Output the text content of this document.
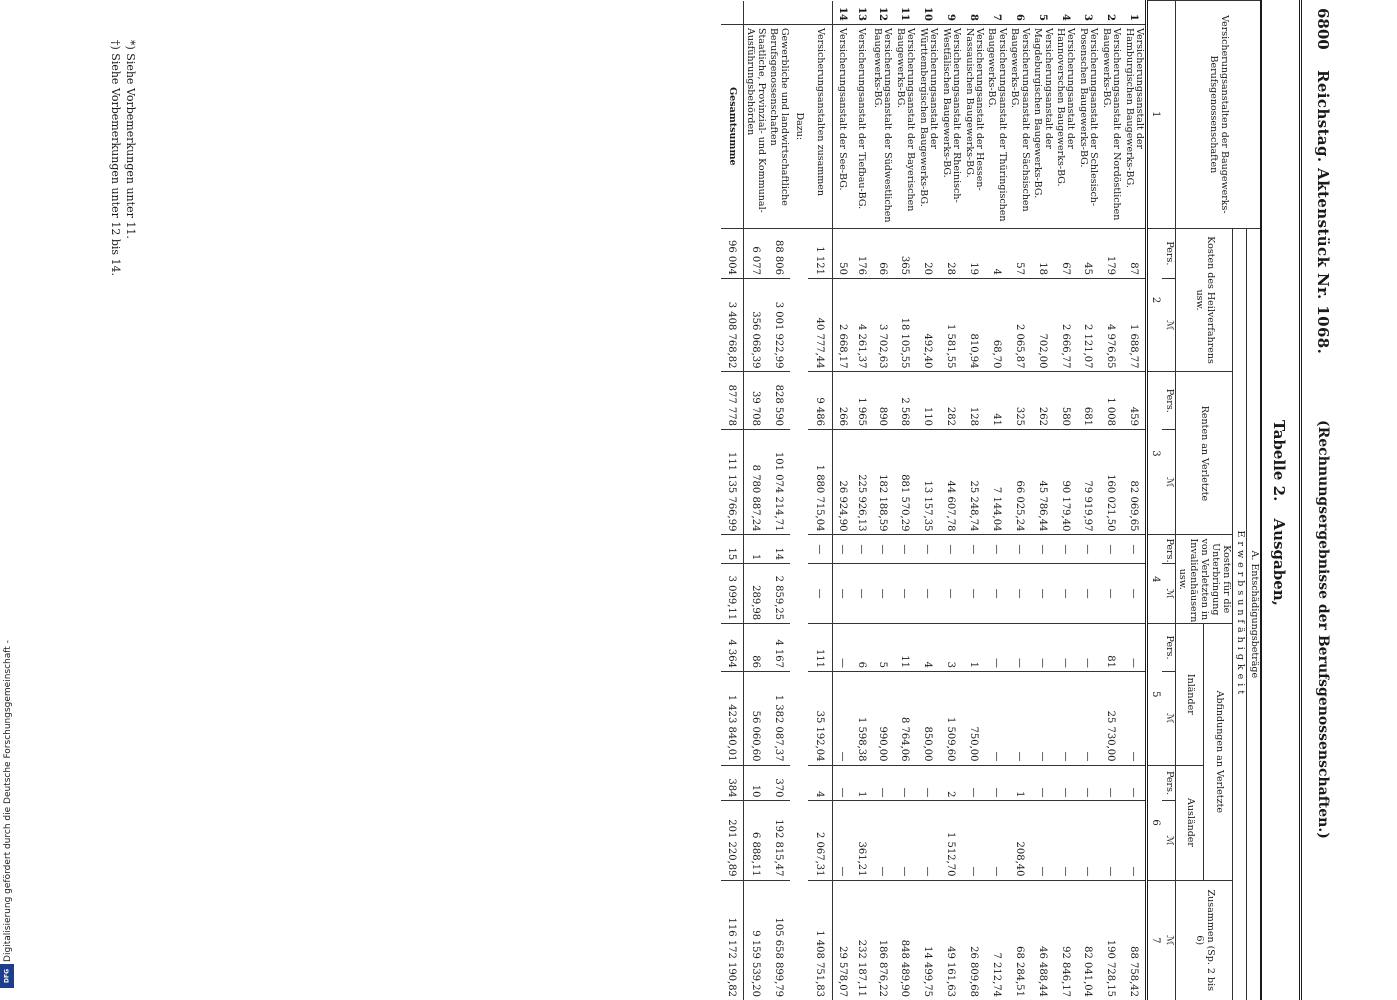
6800
Reichstag. Aktenstück Nr. 1068.
(Rechnungsergebnisse der Berufsgenossenschaften.)
Tabelle 2. Ausgaben,
Versicherungsanstalten der Baugewerks-Berufsgenossenschaften		A. Entschädigungsbeträge										
		Erwerbsunfähigkeit										
		Kosten des Heilverfahrens usw.		Renten an Verletzte		Kosten für die Unterbringung von Verletzten in Invalidenhäusern usw.		Abfindungen an Verletzte				Zusammen (Sp. 2 bis 6)
								Inländer		Ausländer		
		Pers.	ℳ	Pers.	ℳ	Pers.	ℳ	Pers.	ℳ	Pers.	ℳ	ℳ
1		2		3		4		5		6		7
1	Versicherungsanstalt der Hamburgischen Baugewerks-BG.	87	1 688,77	459	82 069,65	—	—	—	—	—	—	88 758,42
2	Versicherungsanstalt der Nordöstlichen Baugewerks-BG.	179	4 976,65	1 008	160 021,50	—	—	81	25 730,00	—	—	190 728,15
3	Versicherungsanstalt der Schlesisch-Posenschen Baugewerks-BG.	45	2 121,07	681	79 919,97	—	—	—	—	—	—	82 041,04
4	Versicherungsanstalt der Hannoverschen Baugewerks-BG.	67	2 666,77	580	90 179,40	—	—	—	—	—	—	92 846,17
5	Versicherungsanstalt der Magdeburgischen Baugewerks-BG.	18	702,00	262	45 786,44	—	—	—	—	—	—	46 488,44
6	Versicherungsanstalt der Sächsischen Baugewerks-BG.	57	2 065,87	325	66 025,24	—	—	—	—	1	208,40	68 284,51
7	Versicherungsanstalt der Thüringischen Baugewerks-BG.	4	68,70	41	7 144,04	—	—	—	—	—	—	7 212,74
8	Versicherungsanstalt der Hessen-Nassauischen Baugewerks-BG.	19	810,94	128	25 248,74	—	—	1	750,00	—	—	26 809,68
9	Versicherungsanstalt der Rheinisch-Westfälischen Baugewerks-BG.	28	1 581,55	282	44 607,78	—	—	3	1 509,60	2	1 512,70	49 161,63
10	Versicherungsanstalt der Württembergischen Baugewerks-BG.	20	492,40	110	13 157,35	—	—	4	850,00	—	—	14 499,75
11	Versicherungsanstalt der Bayerischen Baugewerks-BG.	365	18 105,55	2 568	881 570,29	—	—	11	8 764,06	—	—	848 489,90
12	Versicherungsanstalt der Südwestlichen Baugewerks-BG.	66	3 702,63	890	182 188,59	—	—	5	990,00	—	—	186 876,22
13	Versicherungsanstalt der Tiefbau-BG.	176	4 261,37	1 965	225 926,13	—	—	6	1 598,38	1	361,21	232 187,11
14	Versicherungsanstalt der See-BG.	50	2 668,17	266	26 924,90	—	—	—	—	—	—	29 578,07
	Versicherungsanstalten zusammen	1 121	40 777,44	9 486	1 880 715,04	—	—	111	35 192,04	4	2 067,31	1 408 751,83
	Dazu:											
	Gewerbliche und landwirtschaftliche Berufsgenossenschaften	88 806	3 001 922,99	828 590	101 074 214,71	14	2 859,25	4 167	1 382 087,37	370	192 815,47	105 658 899,79
	Staatliche, Provinzial- und Kommunal-Ausführungsbehörden	6 077	356 068,39	39 708	8 780 887,24	1	289,98	86	56 060,60	10	6 888,11	9 159 539,20
	Gesamtsumme	96 004	3 408 768,82	877 778	111 135 766,99	15	3 099,11	4 364	1 423 840,01	384	201 220,89	116 172 190,82
*) Siehe Vorbemerkungen unter 11.
†) Siehe Vorbemerkungen unter 12 bis 14.
Digitalisierung gefördert durch die Deutsche Forschungsgemeinschaft -
DFG
